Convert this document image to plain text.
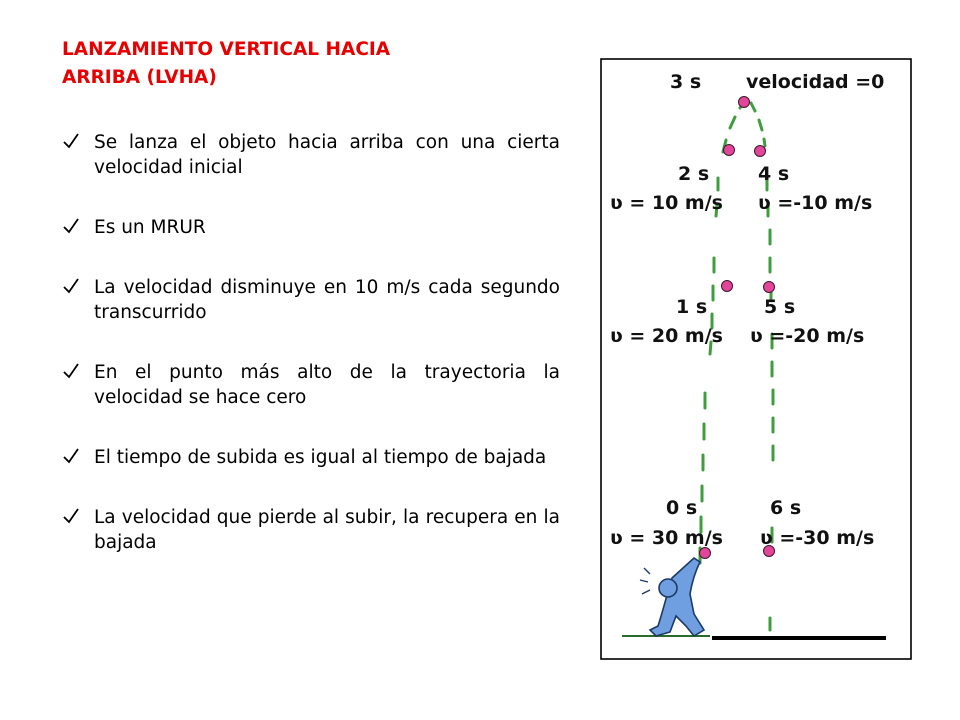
LANZAMIENTO VERTICAL HACIA
ARRIBA (LVHA)
Se lanza el objeto hacia arriba con una cierta velocidad inicial
Es un MRUR
La velocidad disminuye en 10 m/s cada segundo transcurrido
En el punto más alto de la trayectoria la velocidad se hace cero
El tiempo de subida es igual al tiempo de bajada
La velocidad que pierde al subir, la recupera en la bajada
3 s velocidad =0
2 s
ʋ = 10 m/s
4 s
ʋ =-10 m/s
1 s
ʋ = 20 m/s
5 s
ʋ =-20 m/s
0 s
ʋ = 30 m/s
6 s
ʋ =-30 m/s
